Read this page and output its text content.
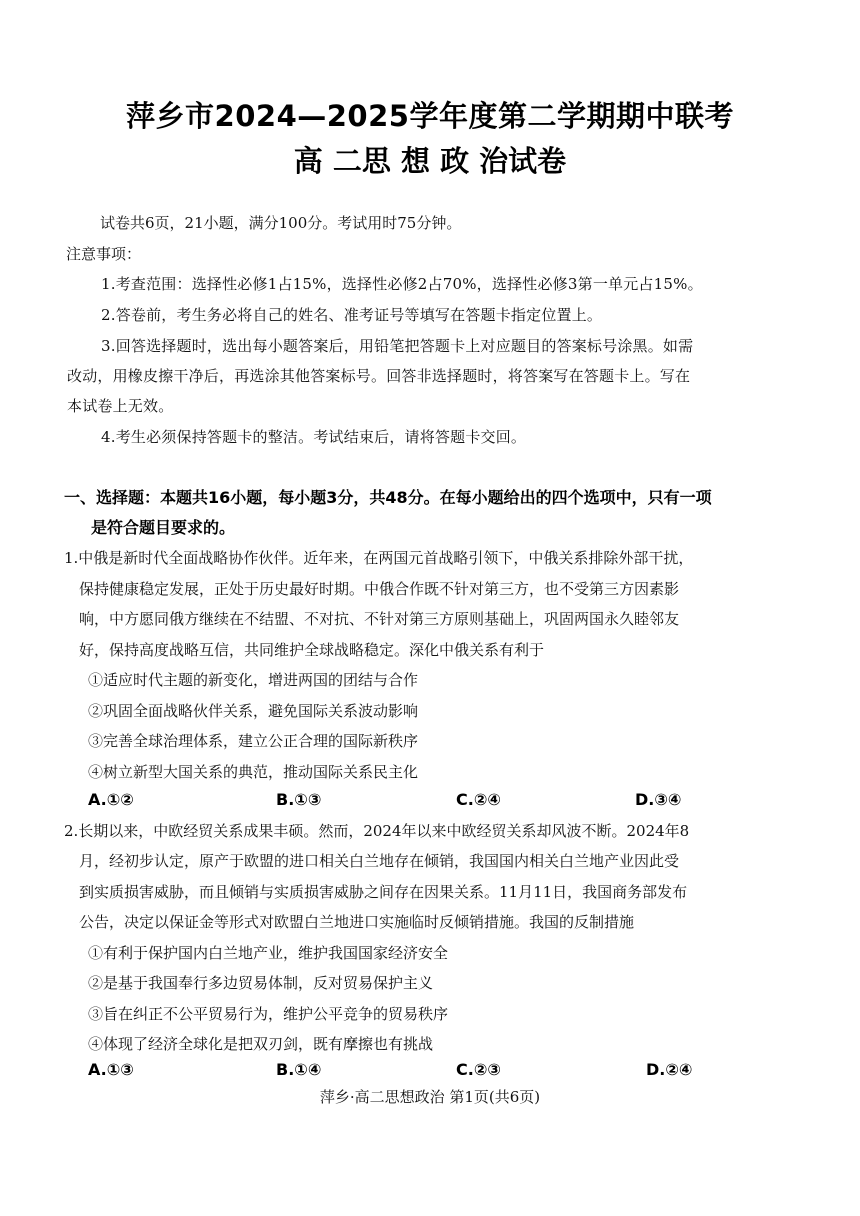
萍乡市2024—2025学年度第二学期期中联考
高 二思 想 政 治试卷
试卷共6页，21小题，满分100分。考试用时75分钟。
注意事项：
1.考查范围：选择性必修1占15%，选择性必修2占70%，选择性必修3第一单元占15%。
2.答卷前，考生务必将自己的姓名、准考证号等填写在答题卡指定位置上。
3.回答选择题时，选出每小题答案后，用铅笔把答题卡上对应题目的答案标号涂黑。如需
改动，用橡皮擦干净后，再选涂其他答案标号。回答非选择题时，将答案写在答题卡上。写在
本试卷上无效。
4.考生必须保持答题卡的整洁。考试结束后，请将答题卡交回。
一、选择题：本题共16小题，每小题3分，共48分。在每小题给出的四个选项中，只有一项
是符合题目要求的。
1.中俄是新时代全面战略协作伙伴。近年来，在两国元首战略引领下，中俄关系排除外部干扰，
保持健康稳定发展，正处于历史最好时期。中俄合作既不针对第三方，也不受第三方因素影
响，中方愿同俄方继续在不结盟、不对抗、不针对第三方原则基础上，巩固两国永久睦邻友
好，保持高度战略互信，共同维护全球战略稳定。深化中俄关系有利于
①适应时代主题的新变化，增进两国的团结与合作
②巩固全面战略伙伴关系，避免国际关系波动影响
③完善全球治理体系，建立公正合理的国际新秩序
④树立新型大国关系的典范，推动国际关系民主化
A.①②	B.①③	C.②④	D.③④
2.长期以来，中欧经贸关系成果丰硕。然而，2024年以来中欧经贸关系却风波不断。2024年8
月，经初步认定，原产于欧盟的进口相关白兰地存在倾销，我国国内相关白兰地产业因此受
到实质损害威胁，而且倾销与实质损害威胁之间存在因果关系。11月11日，我国商务部发布
公告，决定以保证金等形式对欧盟白兰地进口实施临时反倾销措施。我国的反制措施
①有利于保护国内白兰地产业，维护我国国家经济安全
②是基于我国奉行多边贸易体制，反对贸易保护主义
③旨在纠正不公平贸易行为，维护公平竞争的贸易秩序
④体现了经济全球化是把双刃剑，既有摩擦也有挑战
A.①③	B.①④	C.②③	D.②④
萍乡·高二思想政治 第1页(共6页)
